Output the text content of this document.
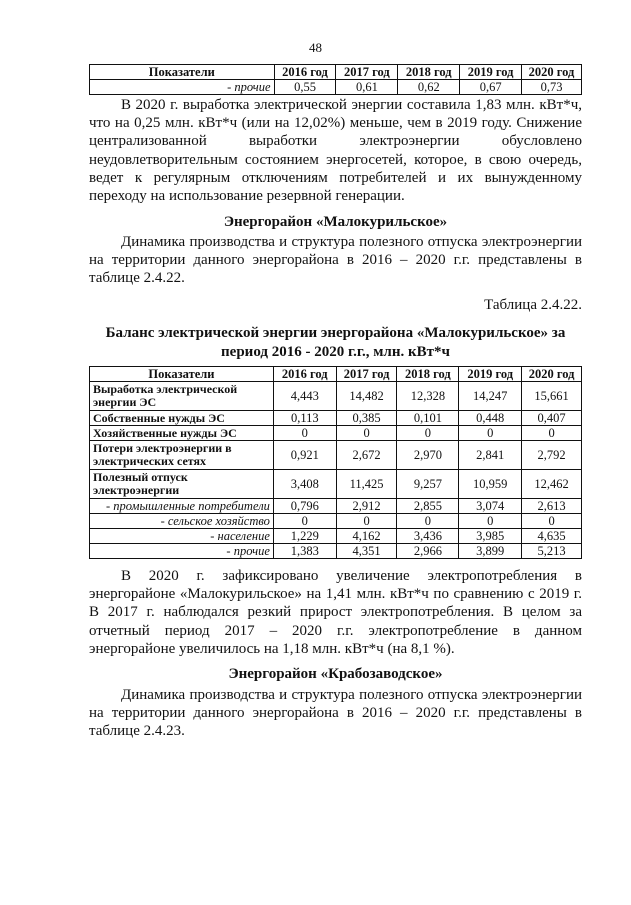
48
Показатели	2016 год	2017 год	2018 год	2019 год	2020 год
- прочие	0,55	0,61	0,62	0,67	0,73

В 2020 г. выработка электрической энергии составила 1,83 млн. кВт*ч, что на 0,25 млн. кВт*ч (или на 12,02%) меньше, чем в 2019 году. Снижение централизованной выработки электроэнергии обусловлено неудовлетворительным состоянием энергосетей, которое, в свою очередь, ведет к регулярным отключениям потребителей и их вынужденному переходу на использование резервной генерации.

Энергорайон «Малокурильское»

Динамика производства и структура полезного отпуска электроэнергии на территории данного энергорайона в 2016 – 2020 г.г. представлены в таблице 2.4.22.

Таблица 2.4.22.

Баланс электрической энергии энергорайона «Малокурильское» за период 2016 - 2020 г.г., млн. кВт*ч

Показатели	2016 год	2017 год	2018 год	2019 год	2020 год
Выработка электрической энергии ЭС	4,443	14,482	12,328	14,247	15,661
Собственные нужды ЭС	0,113	0,385	0,101	0,448	0,407
Хозяйственные нужды ЭС	0	0	0	0	0
Потери электроэнергии в электрических сетях	0,921	2,672	2,970	2,841	2,792
Полезный отпуск электроэнергии	3,408	11,425	9,257	10,959	12,462
- промышленные потребители	0,796	2,912	2,855	3,074	2,613
- сельское хозяйство	0	0	0	0	0
- население	1,229	4,162	3,436	3,985	4,635
- прочие	1,383	4,351	2,966	3,899	5,213

В 2020 г. зафиксировано увеличение электропотребления в энергорайоне «Малокурильское» на 1,41 млн. кВт*ч по сравнению с 2019 г. В 2017 г. наблюдался резкий прирост электропотребления. В целом за отчетный период 2017 – 2020 г.г. электропотребление в данном энергорайоне увеличилось на 1,18 млн. кВт*ч (на 8,1 %).

Энергорайон «Крабозаводское»

Динамика производства и структура полезного отпуска электроэнергии на территории данного энергорайона в 2016 – 2020 г.г. представлены в таблице 2.4.23.
